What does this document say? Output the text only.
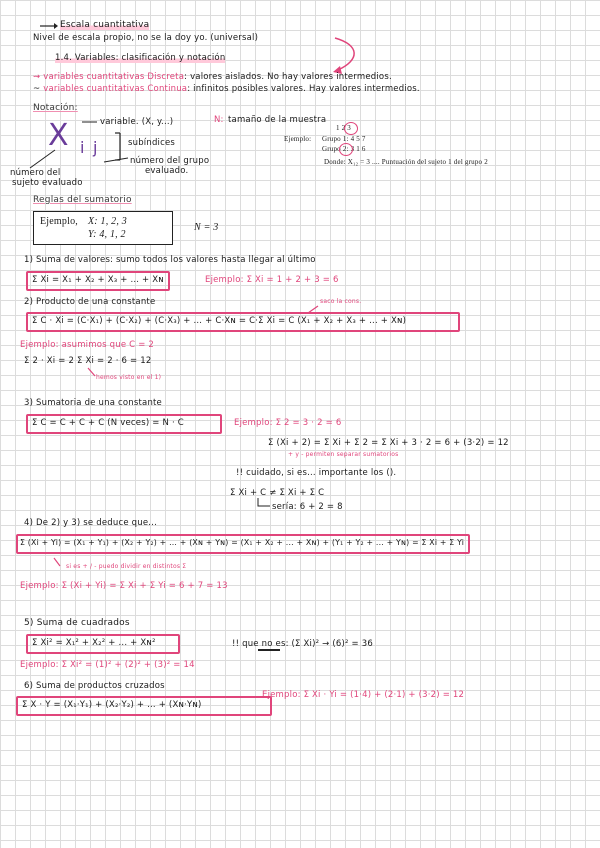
Escala cuantitativa
Nivel de escala propio, no se la doy yo. (universal)
1.4. Variables: clasificación y notación
⇝ variables cuantitativas Discreta: valores aislados. No hay valores intermedios.
~ variables cuantitativas Continua: infinitos posibles valores. Hay valores intermedios.
Notación:
X i j
variable. (X, y...)	N: tamaño de la muestra
subíndices
número del grupo
evaluado.
número del
sujeto evaluado
1 2 3
Ejemplo: Grupo 1: 4 5 7
Grupo 2: 3 1 6
Donde: X₁₂ = 3 .... Puntuación del sujeto 1 del grupo 2
Reglas del sumatorio
Ejemplo, X: 1, 2, 3
Y: 4, 1, 2
N = 3
1) Suma de valores: sumo todos los valores hasta llegar al último
Σ Xi = X₁ + X₂ + X₃ + ... + Xɴ	Ejemplo: Σ Xi = 1 + 2 + 3 = 6
2) Producto de una constante	saco la cons.
Σ C · Xi = (C·X₁) + (C·X₂) + (C·X₃) + ... + C·Xɴ = C·Σ Xi = C (X₁ + X₂ + X₃ + ... + Xɴ)
Ejemplo: asumimos que C = 2
Σ 2 · Xi = 2 Σ Xi = 2 · 6 = 12
hemos visto en el 1)
3) Sumatoria de una constante
Σ C = C + C + C (N veces) = N · C	Ejemplo: Σ 2 = 3 · 2 = 6
Σ (Xi + 2) = Σ Xi + Σ 2 = Σ Xi + 3 · 2 = 6 + (3·2) = 12
+ y - permiten separar sumatorios
!! cuidado, si es... importante los ().
Σ Xi + C ≠ Σ Xi + Σ C
sería: 6 + 2 = 8
4) De 2) y 3) se deduce que...
Σ (Xi + Yi) = (X₁ + Y₁) + (X₂ + Y₂) + ... + (Xɴ + Yɴ) = (X₁ + X₂ + ... + Xɴ) + (Y₁ + Y₂ + ... + Yɴ) = Σ Xi + Σ Yi
si es + / - puedo dividir en distintos Σ
Ejemplo: Σ (Xi + Yi) = Σ Xi + Σ Yi = 6 + 7 = 13
5) Suma de cuadrados
Σ Xi² = X₁² + X₂² + ... + Xɴ²	!! que no es: (Σ Xi)² → (6)² = 36
Ejemplo: Σ Xi² = (1)² + (2)² + (3)² = 14
6) Suma de productos cruzados
Σ X · Y = (X₁·Y₁) + (X₂·Y₂) + ... + (Xɴ·Yɴ)
Ejemplo: Σ Xi · Yi = (1·4) + (2·1) + (3·2) = 12
